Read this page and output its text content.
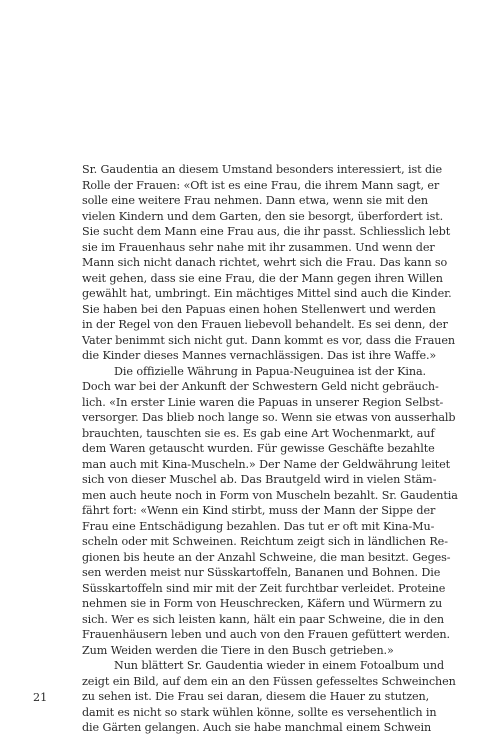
Sr. Gaudentia an diesem Umstand besonders interessiert, ist die
Rolle der Frauen: «Oft ist es eine Frau, die ihrem Mann sagt, er
solle eine weitere Frau nehmen. Dann etwa, wenn sie mit den
vielen Kindern und dem Garten, den sie besorgt, überfordert ist.
Sie sucht dem Mann eine Frau aus, die ihr passt. Schliesslich lebt
sie im Frauenhaus sehr nahe mit ihr zusammen. Und wenn der
Mann sich nicht danach richtet, wehrt sich die Frau. Das kann so
weit gehen, dass sie eine Frau, die der Mann gegen ihren Willen
gewählt hat, umbringt. Ein mächtiges Mittel sind auch die Kinder.
Sie haben bei den Papuas einen hohen Stellenwert und werden
in der Regel von den Frauen liebevoll behandelt. Es sei denn, der
Vater benimmt sich nicht gut. Dann kommt es vor, dass die Frauen
die Kinder dieses Mannes vernachlässigen. Das ist ihre Waffe.»
Die offizielle Währung in Papua-Neuguinea ist der Kina.
Doch war bei der Ankunft der Schwestern Geld nicht gebräuch-
lich. «In erster Linie waren die Papuas in unserer Region Selbst-
versorger. Das blieb noch lange so. Wenn sie etwas von ausserhalb
brauchten, tauschten sie es. Es gab eine Art Wochenmarkt, auf
dem Waren getauscht wurden. Für gewisse Geschäfte bezahlte
man auch mit Kina-Muscheln.» Der Name der Geldwährung leitet
sich von dieser Muschel ab. Das Brautgeld wird in vielen Stäm-
men auch heute noch in Form von Muscheln bezahlt. Sr. Gaudentia
fährt fort: «Wenn ein Kind stirbt, muss der Mann der Sippe der
Frau eine Entschädigung bezahlen. Das tut er oft mit Kina-Mu-
scheln oder mit Schweinen. Reichtum zeigt sich in ländlichen Re-
gionen bis heute an der Anzahl Schweine, die man besitzt. Geges-
sen werden meist nur Süsskartoffeln, Bananen und Bohnen. Die
Süsskartoffeln sind mir mit der Zeit furchtbar verleidet. Proteine
nehmen sie in Form von Heuschrecken, Käfern und Würmern zu
sich. Wer es sich leisten kann, hält ein paar Schweine, die in den
Frauenhäusern leben und auch von den Frauen gefüttert werden.
Zum Weiden werden die Tiere in den Busch getrieben.»
Nun blättert Sr. Gaudentia wieder in einem Fotoalbum und
zeigt ein Bild, auf dem ein an den Füssen gefesseltes Schweinchen
zu sehen ist. Die Frau sei daran, diesem die Hauer zu stutzen,
damit es nicht so stark wühlen könne, sollte es versehentlich in
die Gärten gelangen. Auch sie habe manchmal einem Schwein
21
